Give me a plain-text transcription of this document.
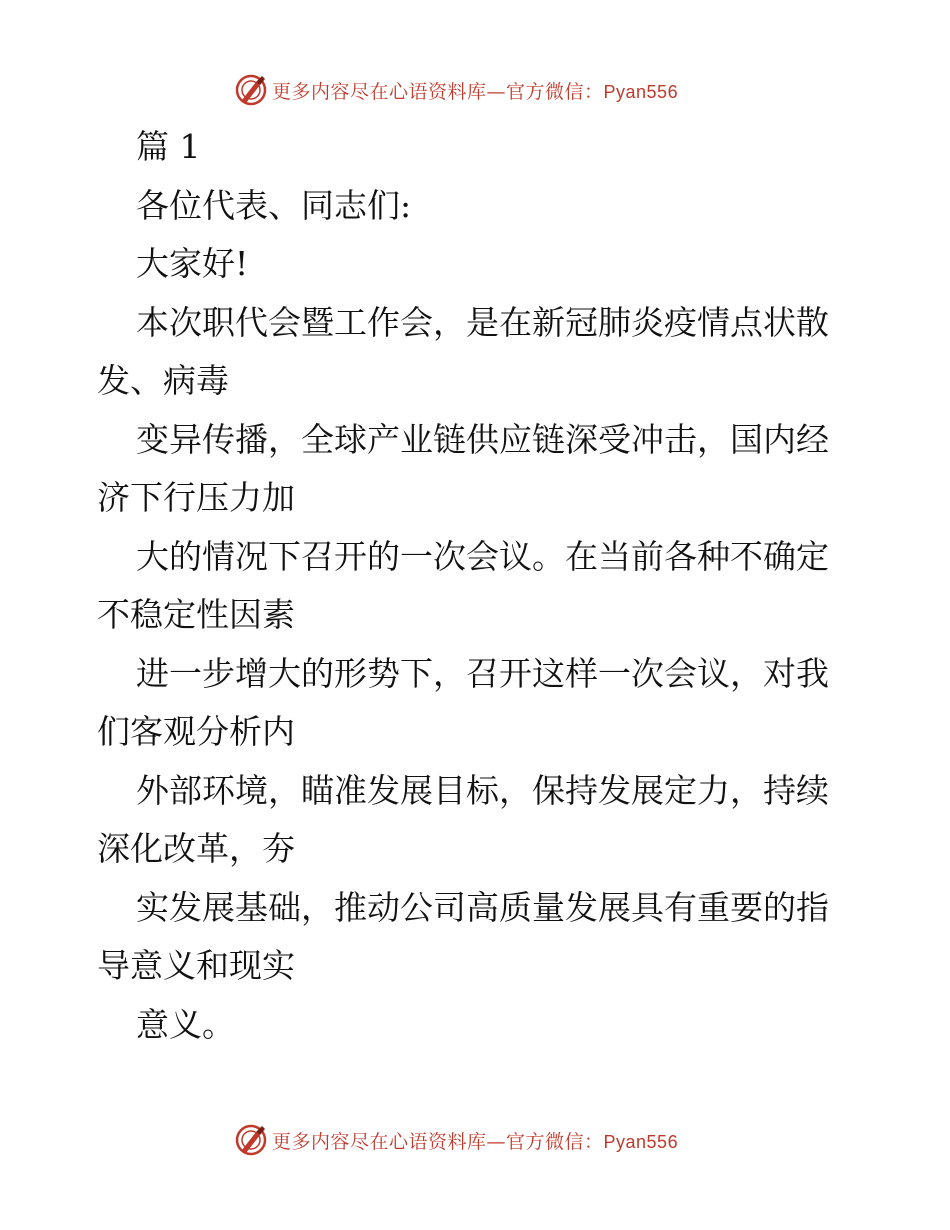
更多内容尽在心语资料库—官方微信：Pyan556

篇 1

各位代表、同志们:

大家好!

本次职代会暨工作会，是在新冠肺炎疫情点状散

发、病毒

变异传播，全球产业链供应链深受冲击，国内经

济下行压力加

大的情况下召开的一次会议。在当前各种不确定

不稳定性因素

进一步增大的形势下，召开这样一次会议，对我

们客观分析内

外部环境，瞄准发展目标，保持发展定力，持续

深化改革，夯

实发展基础，推动公司高质量发展具有重要的指

导意义和现实

意义。

更多内容尽在心语资料库—官方微信：Pyan556
